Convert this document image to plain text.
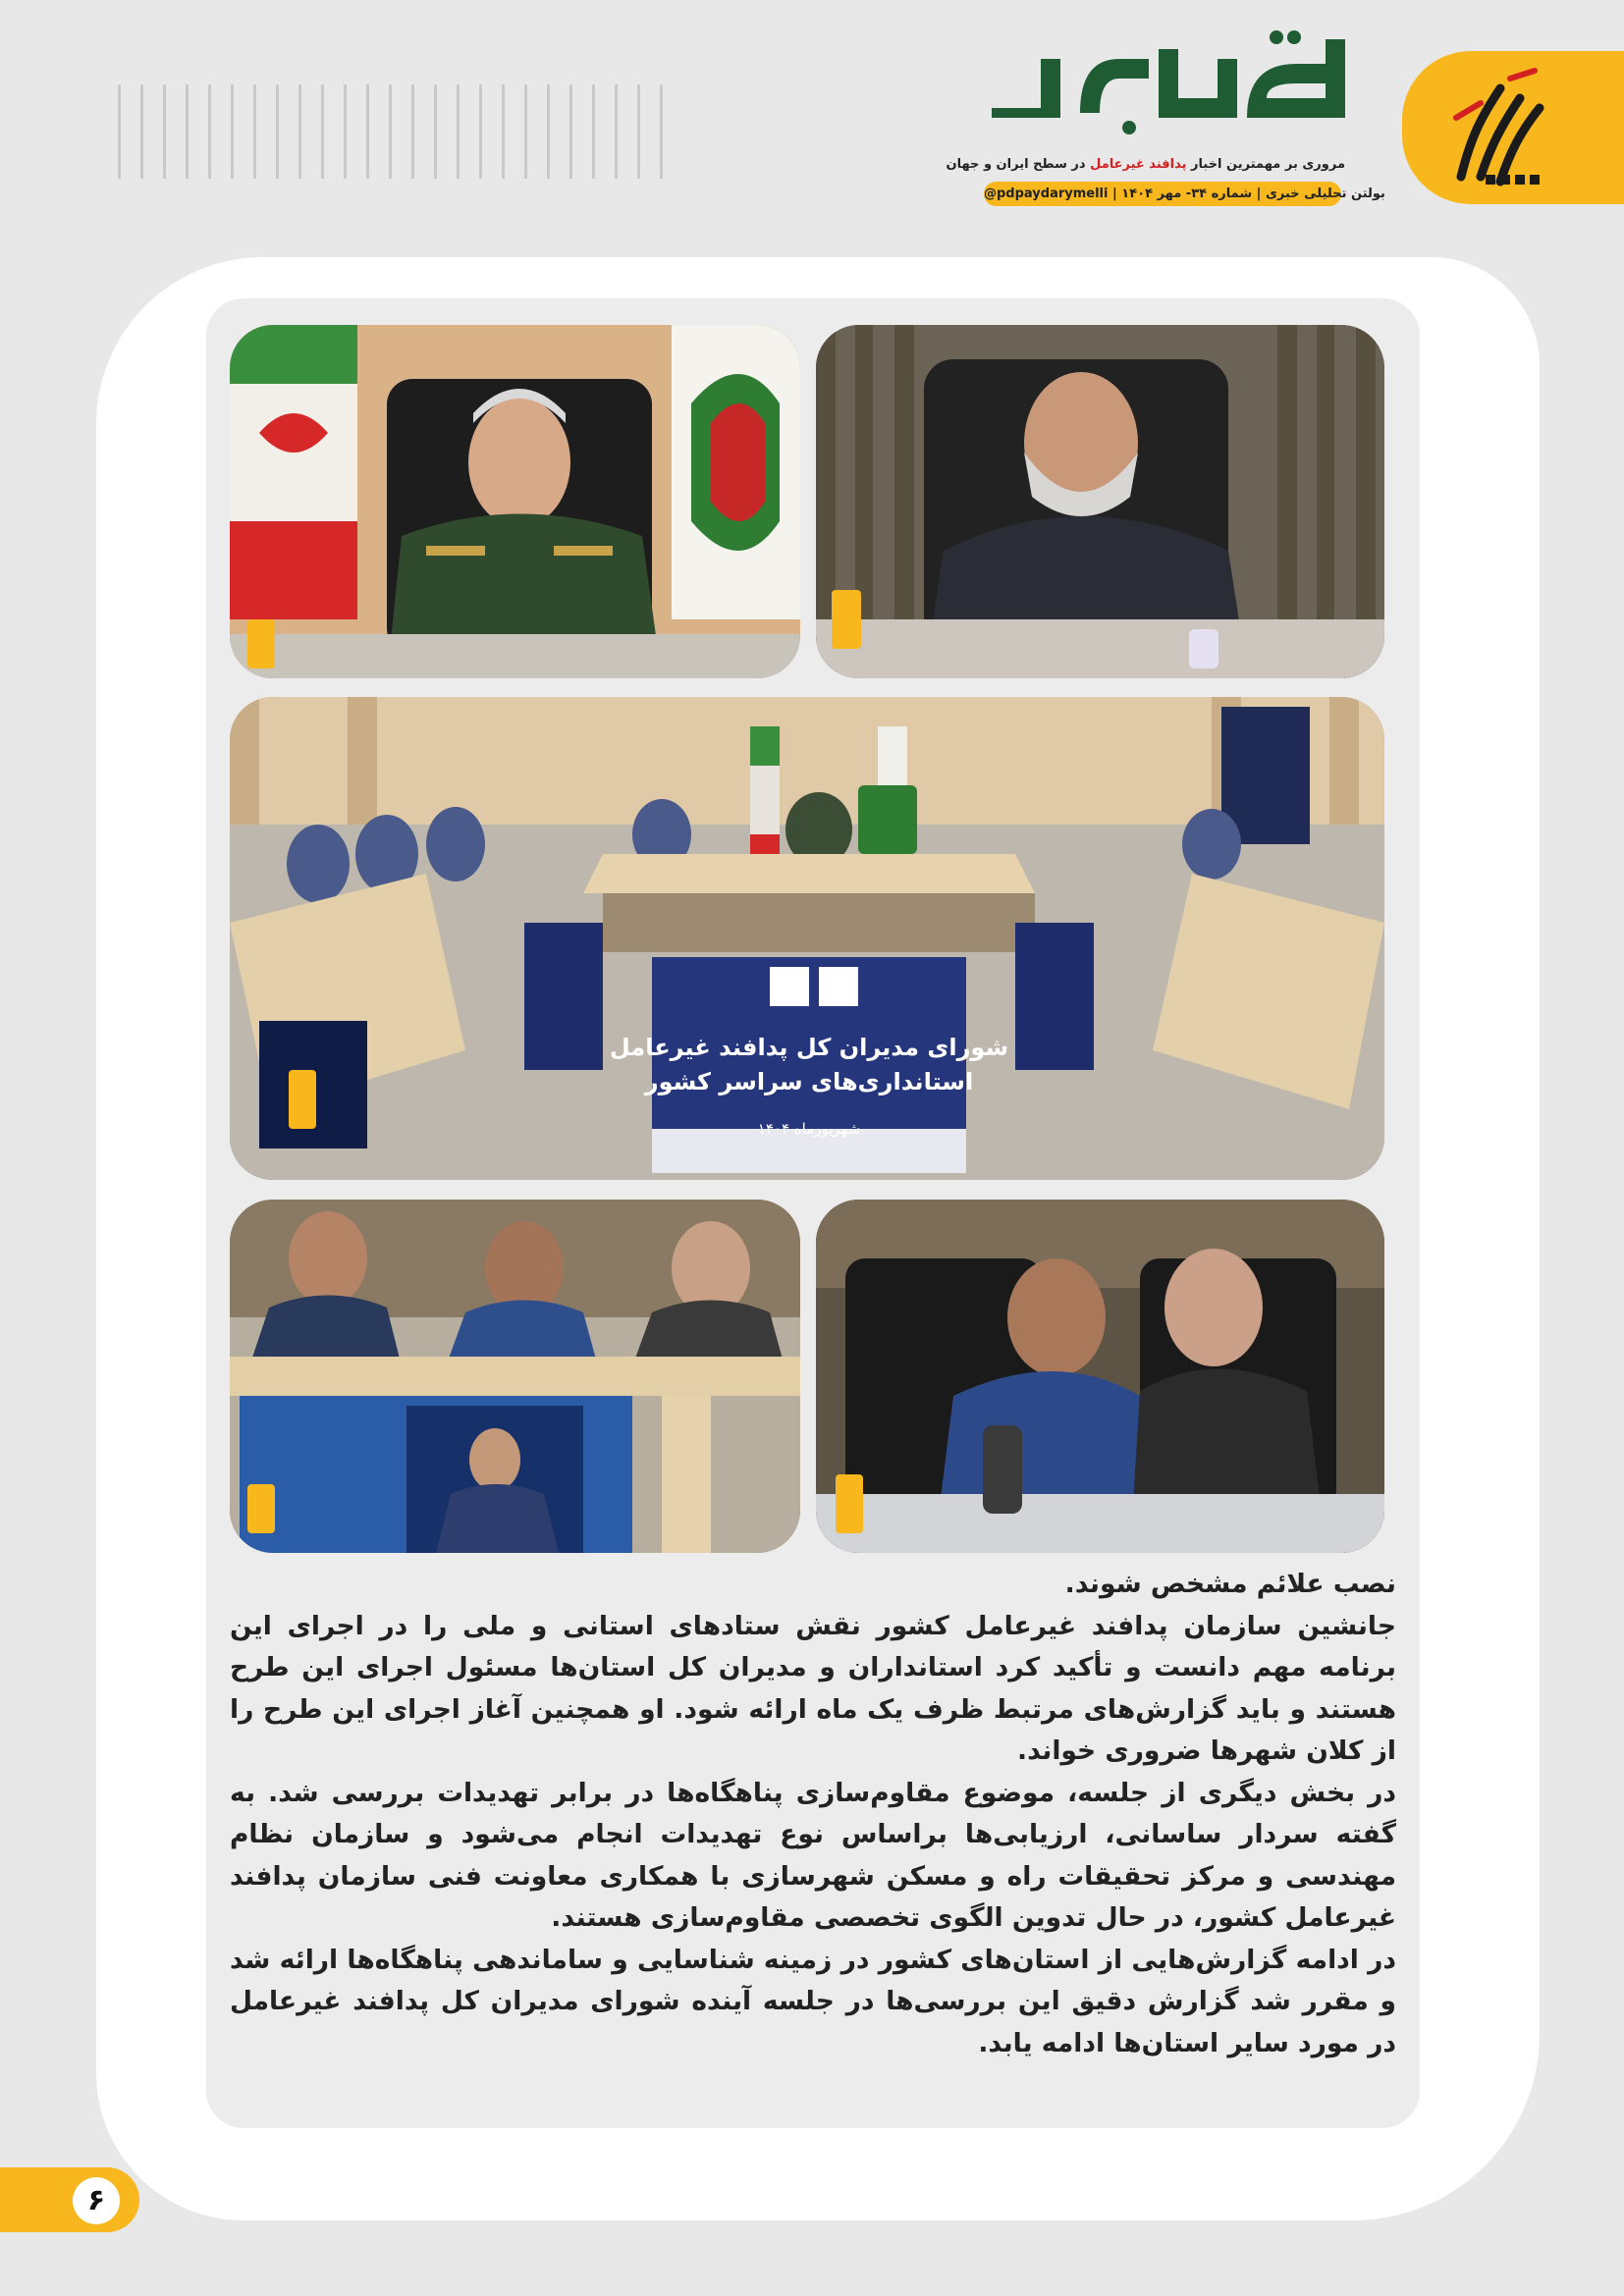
مروری بر مهمترین اخبار پدافند غیرعامل در سطح ایران و جهان
@pdpaydarymelli بولتن تحلیلی خبری | شماره ۳۴- مهر ۱۴۰۴ |
شورای مدیران کل پدافند غیرعامل
استانداری‌های سراسر کشور
شهریورماه ۱۴۰۴

نصب علائم مشخص شوند.

جانشین سازمان پدافند غیرعامل کشور نقش ستادهای استانی و ملی را در اجرای این برنامه مهم دانست و تأکید کرد استانداران و مدیران کل استان‌ها مسئول اجرای این طرح هستند و باید گزارش‌های مرتبط ظرف یک ماه ارائه شود. او همچنین آغاز اجرای این طرح را از کلان شهرها ضروری خواند.

در بخش دیگری از جلسه، موضوع مقاوم‌سازی پناهگاه‌ها در برابر تهدیدات بررسی شد. به گفته سردار ساسانی، ارزیابی‌ها براساس نوع تهدیدات انجام می‌شود و سازمان نظام مهندسی و مرکز تحقیقات راه و مسکن شهرسازی با همکاری معاونت فنی سازمان پدافند غیرعامل کشور، در حال تدوین الگوی تخصصی مقاوم‌سازی هستند.

در ادامه گزارش‌هایی از استان‌های کشور در زمینه شناسایی و ساماندهی پناهگاه‌ها ارائه شد و مقرر شد گزارش دقیق این بررسی‌ها در جلسه آینده شورای مدیران کل پدافند غیرعامل در مورد سایر استان‌ها ادامه یابد.

۶
